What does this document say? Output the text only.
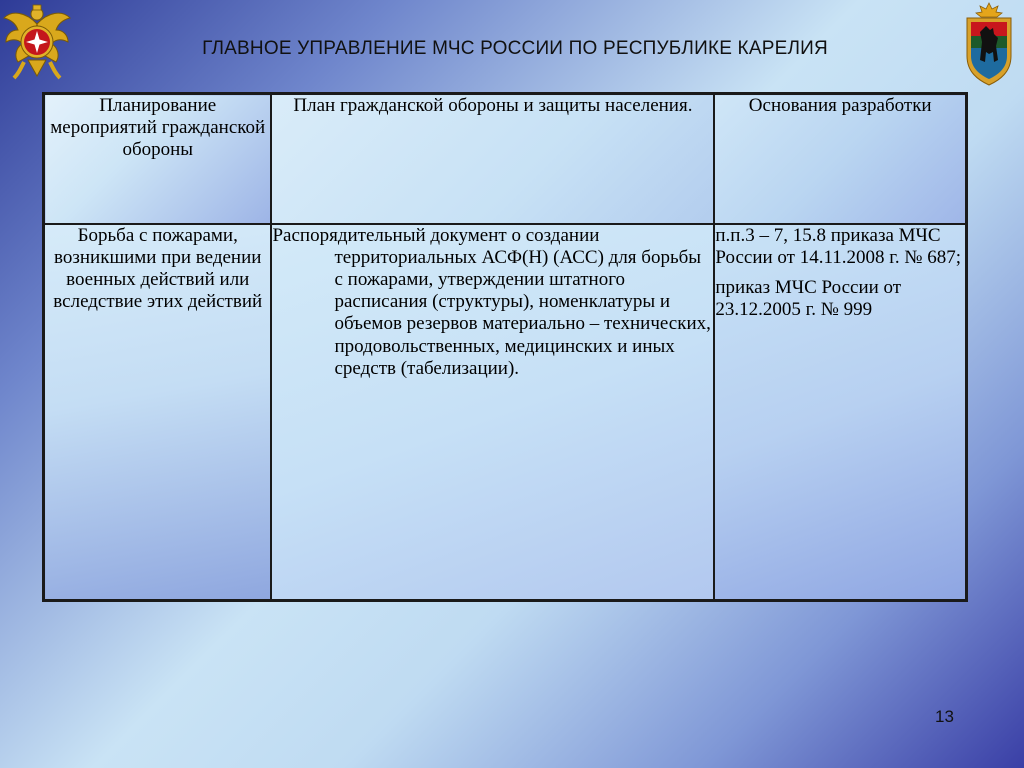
ГЛАВНОЕ УПРАВЛЕНИЕ МЧС РОССИИ ПО РЕСПУБЛИКЕ КАРЕЛИЯ
Планирование мероприятий гражданской обороны	План гражданской обороны и защиты населения.	Основания разработки
Борьба с пожарами, возникшими при ведении военных действий или вследствие этих действий	Распорядительный документ о создании территориальных АСФ(Н) (АСС) для борьбы с пожарами, утверждении штатного расписания (структуры), номенклатуры и объемов резервов материально – технических, продовольственных, медицинских и иных средств (табелизации).	п.п.3 – 7, 15.8 приказа МЧС России от 14.11.2008 г. № 687;

приказ МЧС России от 23.12.2005 г. № 999

13
